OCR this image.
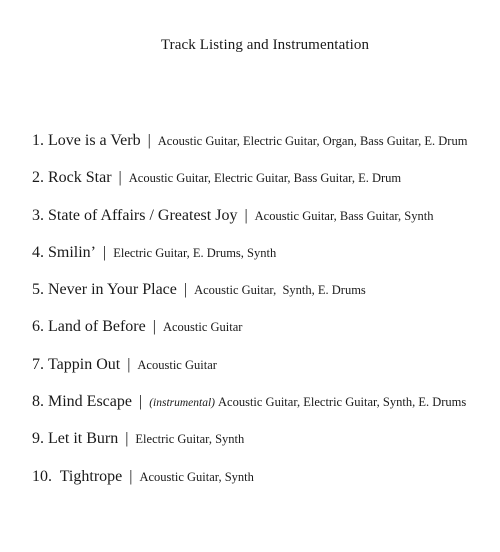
Track Listing and Instrumentation
1. Love is a Verb | Acoustic Guitar, Electric Guitar, Organ, Bass Guitar, E. Drum
2. Rock Star | Acoustic Guitar, Electric Guitar, Bass Guitar, E. Drum
3. State of Affairs / Greatest Joy | Acoustic Guitar, Bass Guitar, Synth
4. Smilin’ | Electric Guitar, E. Drums, Synth
5. Never in Your Place | Acoustic Guitar,  Synth, E. Drums
6. Land of Before | Acoustic Guitar
7. Tappin Out | Acoustic Guitar
8. Mind Escape | (instrumental) Acoustic Guitar, Electric Guitar, Synth, E. Drums
9. Let it Burn | Electric Guitar, Synth
10.  Tightrope | Acoustic Guitar, Synth
